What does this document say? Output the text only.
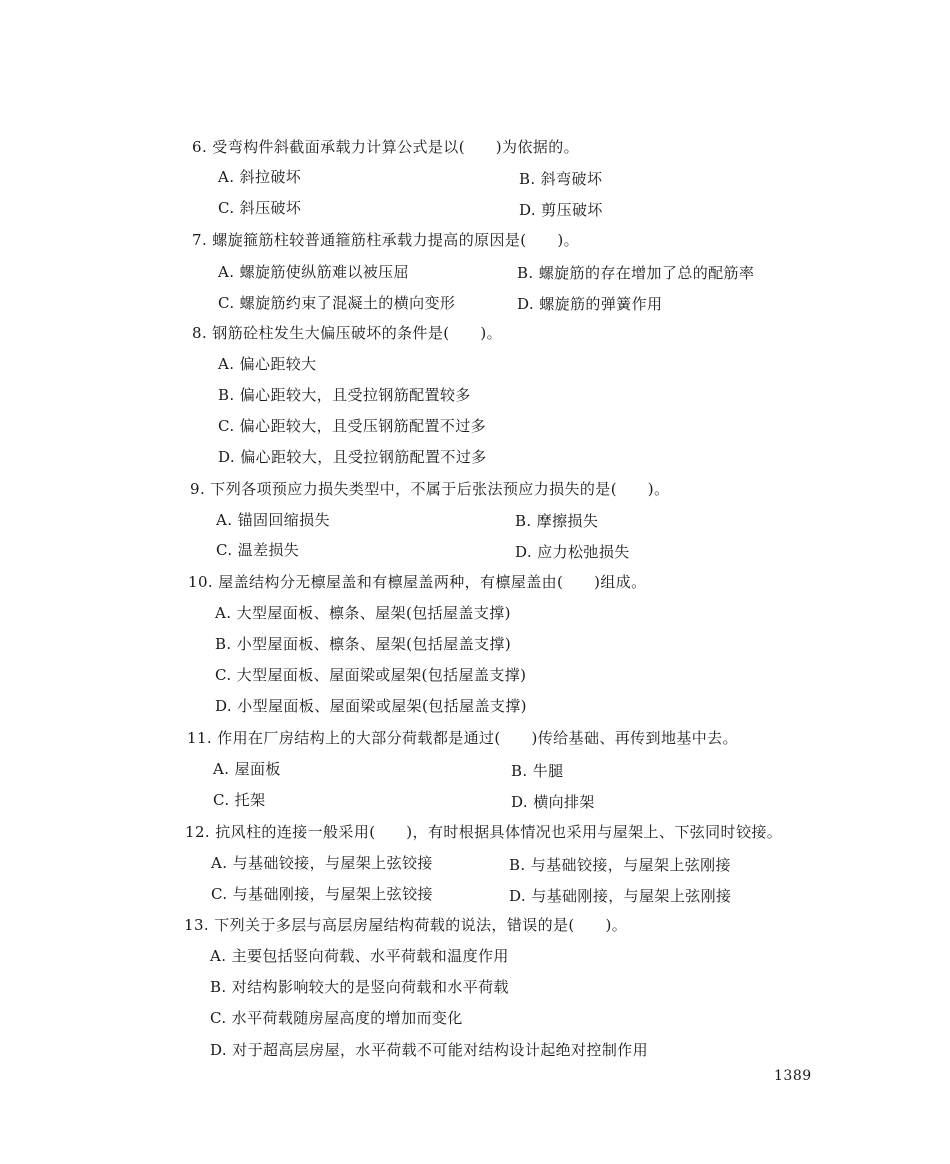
6. 受弯构件斜截面承载力计算公式是以(　　)为依据的。
A. 斜拉破坏	B. 斜弯破坏
C. 斜压破坏	D. 剪压破坏
7. 螺旋箍筋柱较普通箍筋柱承载力提高的原因是(　　)。
A. 螺旋筋使纵筋难以被压屈	B. 螺旋筋的存在增加了总的配筋率
C. 螺旋筋约束了混凝土的横向变形	D. 螺旋筋的弹簧作用
8. 钢筋砼柱发生大偏压破坏的条件是(　　)。
A. 偏心距较大
B. 偏心距较大，且受拉钢筋配置较多
C. 偏心距较大，且受压钢筋配置不过多
D. 偏心距较大，且受拉钢筋配置不过多
9. 下列各项预应力损失类型中，不属于后张法预应力损失的是(　　)。
A. 锚固回缩损失	B. 摩擦损失
C. 温差损失	D. 应力松弛损失
10. 屋盖结构分无檩屋盖和有檩屋盖两种，有檩屋盖由(　　)组成。
A. 大型屋面板、檩条、屋架(包括屋盖支撑)
B. 小型屋面板、檩条、屋架(包括屋盖支撑)
C. 大型屋面板、屋面梁或屋架(包括屋盖支撑)
D. 小型屋面板、屋面梁或屋架(包括屋盖支撑)
11. 作用在厂房结构上的大部分荷载都是通过(　　)传给基础、再传到地基中去。
A. 屋面板	B. 牛腿
C. 托架	D. 横向排架
12. 抗风柱的连接一般采用(　　)，有时根据具体情况也采用与屋架上、下弦同时铰接。
A. 与基础铰接，与屋架上弦铰接	B. 与基础铰接，与屋架上弦刚接
C. 与基础刚接，与屋架上弦铰接	D. 与基础刚接，与屋架上弦刚接
13. 下列关于多层与高层房屋结构荷载的说法，错误的是(　　)。
A. 主要包括竖向荷载、水平荷载和温度作用
B. 对结构影响较大的是竖向荷载和水平荷载
C. 水平荷载随房屋高度的增加而变化
D. 对于超高层房屋，水平荷载不可能对结构设计起绝对控制作用
1389
